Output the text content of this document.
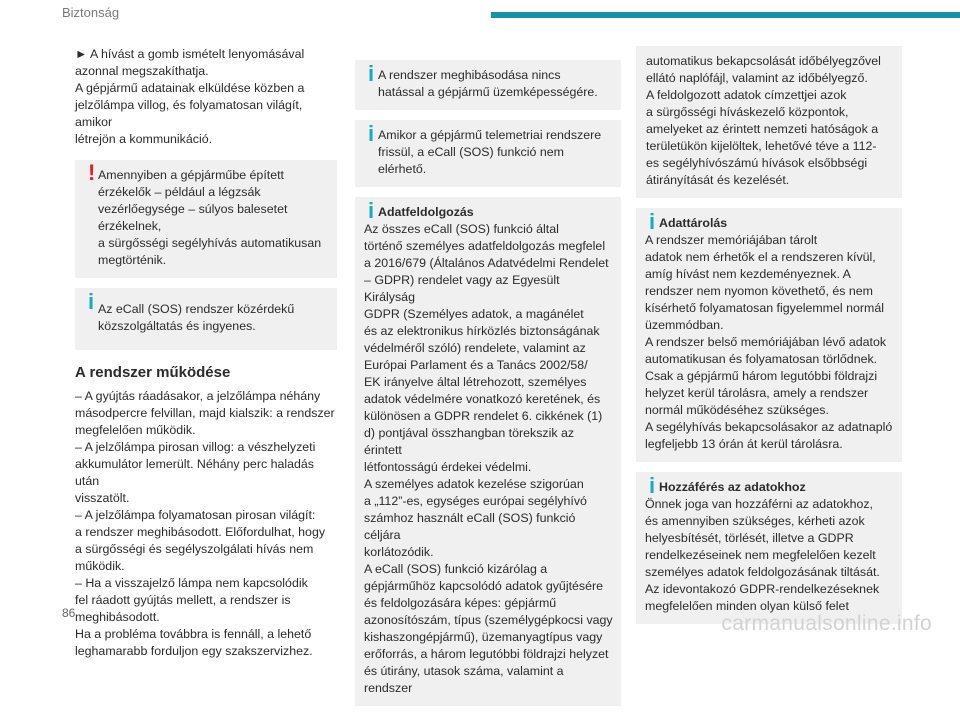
Biztonság

► A hívást a gomb ismételt lenyomásával
azonnal megszakíthatja.
A gépjármű adatainak elküldése közben a
jelzőlámpa villog, és folyamatosan világít, amikor
létrejön a kommunikáció.

! Amennyiben a gépjárműbe épített
érzékelők – például a légzsák
vezérlőegysége – súlyos balesetet érzékelnek,
a sürgősségi segélyhívás automatikusan
megtörténik.
i Az eCall (SOS) rendszer közérdekű
közszolgáltatás és ingyenes.
A rendszer működése

– A gyújtás ráadásakor, a jelzőlámpa néhány
másodpercre felvillan, majd kialszik: a rendszer
megfelelően működik.
– A jelzőlámpa pirosan villog: a vészhelyzeti
akkumulátor lemerült. Néhány perc haladás után
visszatölt.
– A jelzőlámpa folyamatosan pirosan világít:
a rendszer meghibásodott. Előfordulhat, hogy
a sürgősségi és segélyszolgálati hívás nem
működik.
– Ha a visszajelző lámpa nem kapcsolódik
fel ráadott gyújtás mellett, a rendszer is
meghibásodott.
Ha a probléma továbbra is fennáll, a lehető
leghamarabb forduljon egy szakszervizhez.

i A rendszer meghibásodása nincs
hatással a gépjármű üzemképességére.
i Amikor a gépjármű telemetriai rendszere
frissül, a eCall (SOS) funkció nem
elérhető.
i Adatfeldolgozás
Az összes eCall (SOS) funkció által
történő személyes adatfeldolgozás megfelel
a 2016/679 (Általános Adatvédelmi Rendelet
– GDPR) rendelet vagy az Egyesült Királyság
GDPR (Személyes adatok, a magánélet
és az elektronikus hírközlés biztonságának
védelméről szóló) rendelete, valamint az
Európai Parlament és a Tanács 2002/58/
EK irányelve által létrehozott, személyes
adatok védelmére vonatkozó keretének, és
különösen a GDPR rendelet 6. cikkének (1)
d) pontjával összhangban törekszik az érintett
létfontosságú érdekei védelmi.
A személyes adatok kezelése szigorúan
a „112”-es, egységes európai segélyhívó
számhoz használt eCall (SOS) funkció céljára
korlátozódik.
A eCall (SOS) funkció kizárólag a
gépjárműhöz kapcsolódó adatok gyűjtésére
és feldolgozására képes: gépjármű
azonosítószám, típus (személygépkocsi vagy
kishaszongépjármű), üzemanyagtípus vagy
erőforrás, a három legutóbbi földrajzi helyzet
és útirány, utasok száma, valamint a rendszer
automatikus bekapcsolását időbélyegzővel
ellátó naplófájl, valamint az időbélyegző.
A feldolgozott adatok címzettjei azok
a sürgősségi híváskezelő központok,
amelyeket az érintett nemzeti hatóságok a
területükön kijelöltek, lehetővé téve a 112-
es segélyhívószámú hívások elsőbbségi
átirányítását és kezelését.
i Adattárolás
A rendszer memóriájában tárolt
adatok nem érhetők el a rendszeren kívül,
amíg hívást nem kezdeményeznek. A
rendszer nem nyomon követhető, és nem
kísérhető folyamatosan figyelemmel normál
üzemmódban.
A rendszer belső memóriájában lévő adatok
automatikusan és folyamatosan törlődnek.
Csak a gépjármű három legutóbbi földrajzi
helyzet kerül tárolásra, amely a rendszer
normál működéséhez szükséges.
A segélyhívás bekapcsolásakor az adatnapló
legfeljebb 13 órán át kerül tárolásra.
i Hozzáférés az adatokhoz
Önnek joga van hozzáférni az adatokhoz,
és amennyiben szükséges, kérheti azok
helyesbítését, törlését, illetve a GDPR
rendelkezéseinek nem megfelelően kezelt
személyes adatok feldolgozásának tiltását.
Az idevontakozó GDPR-rendelkezéseknek
megfelelően minden olyan külső felet
86	carmanualsonline.info
